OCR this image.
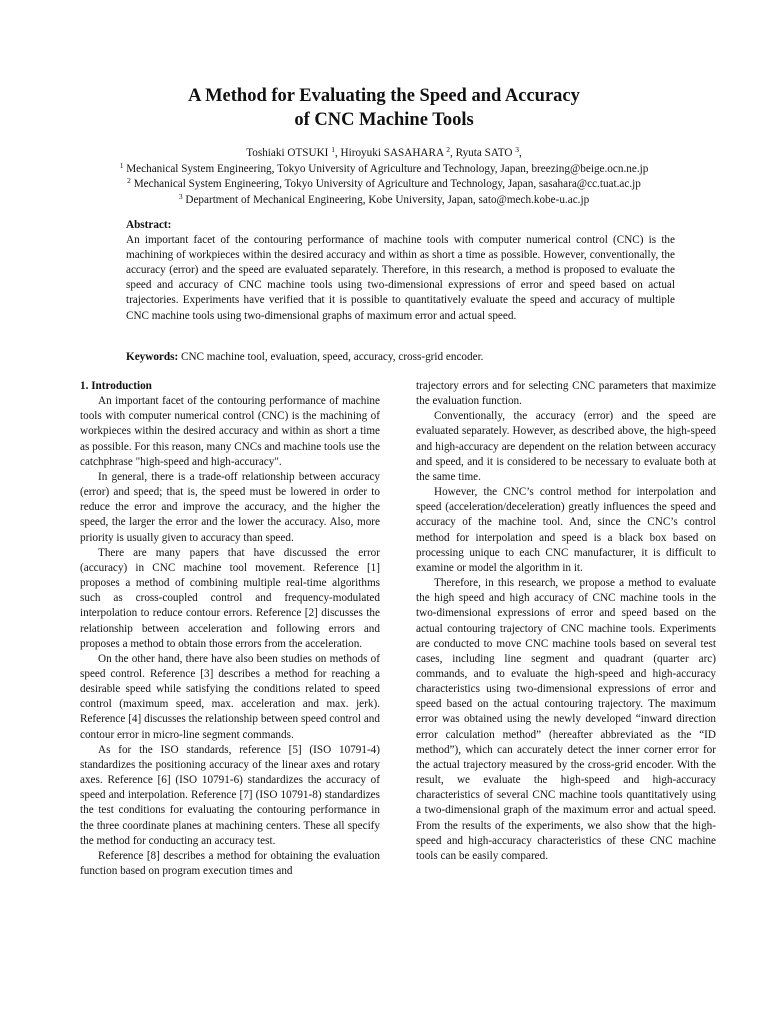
A Method for Evaluating the Speed and Accuracy
of CNC Machine Tools
Toshiaki OTSUKI $^1$, Hiroyuki SASAHARA $^2$, Ryuta SATO $^3$,
$^1$ Mechanical System Engineering, Tokyo University of Agriculture and Technology, Japan, breezing@beige.ocn.ne.jp
$^2$ Mechanical System Engineering, Tokyo University of Agriculture and Technology, Japan, sasahara@cc.tuat.ac.jp
$^3$ Department of Mechanical Engineering, Kobe University, Japan, sato@mech.kobe-u.ac.jp
Abstract:
An important facet of the contouring performance of machine tools with computer numerical control (CNC) is the machining of workpieces within the desired accuracy and within as short a time as possible. However, conventionally, the accuracy (error) and the speed are evaluated separately. Therefore, in this research, a method is proposed to evaluate the speed and accuracy of CNC machine tools using two-dimensional expressions of error and speed based on actual trajectories. Experiments have verified that it is possible to quantitatively evaluate the speed and accuracy of multiple CNC machine tools using two-dimensional graphs of maximum error and actual speed.
Keywords: CNC machine tool, evaluation, speed, accuracy, cross-grid encoder.

1. Introduction

An important facet of the contouring performance of machine tools with computer numerical control (CNC) is the machining of workpieces within the desired accuracy and within as short a time as possible. For this reason, many CNCs and machine tools use the catchphrase "high-speed and high-accuracy".

In general, there is a trade-off relationship between accuracy (error) and speed; that is, the speed must be lowered in order to reduce the error and improve the accuracy, and the higher the speed, the larger the error and the lower the accuracy. Also, more priority is usually given to accuracy than speed.

There are many papers that have discussed the error (accuracy) in CNC machine tool movement. Reference [1] proposes a method of combining multiple real-time algorithms such as cross-coupled control and frequency-modulated interpolation to reduce contour errors. Reference [2] discusses the relationship between acceleration and following errors and proposes a method to obtain those errors from the acceleration.

On the other hand, there have also been studies on methods of speed control. Reference [3] describes a method for reaching a desirable speed while satisfying the conditions related to speed control (maximum speed, max. acceleration and max. jerk). Reference [4] discusses the relationship between speed control and contour error in micro-line segment commands.

As for the ISO standards, reference [5] (ISO 10791-4) standardizes the positioning accuracy of the linear axes and rotary axes. Reference [6] (ISO 10791-6) standardizes the accuracy of speed and interpolation. Reference [7] (ISO 10791-8) standardizes the test conditions for evaluating the contouring performance in the three coordinate planes at machining centers. These all specify the method for conducting an accuracy test.

Reference [8] describes a method for obtaining the evaluation function based on program execution times and

trajectory errors and for selecting CNC parameters that maximize the evaluation function.

Conventionally, the accuracy (error) and the speed are evaluated separately. However, as described above, the high-speed and high-accuracy are dependent on the relation between accuracy and speed, and it is considered to be necessary to evaluate both at the same time.

However, the CNC’s control method for interpolation and speed (acceleration/deceleration) greatly influences the speed and accuracy of the machine tool. And, since the CNC’s control method for interpolation and speed is a black box based on processing unique to each CNC manufacturer, it is difficult to examine or model the algorithm in it.

Therefore, in this research, we propose a method to evaluate the high speed and high accuracy of CNC machine tools in the two-dimensional expressions of error and speed based on the actual contouring trajectory of CNC machine tools. Experiments are conducted to move CNC machine tools based on several test cases, including line segment and quadrant (quarter arc) commands, and to evaluate the high-speed and high-accuracy characteristics using two-dimensional expressions of error and speed based on the actual contouring trajectory. The maximum error was obtained using the newly developed “inward direction error calculation method” (hereafter abbreviated as the “ID method”), which can accurately detect the inner corner error for the actual trajectory measured by the cross-grid encoder. With the result, we evaluate the high-speed and high-accuracy characteristics of several CNC machine tools quantitatively using a two-dimensional graph of the maximum error and actual speed. From the results of the experiments, we also show that the high-speed and high-accuracy characteristics of these CNC machine tools can be easily compared.
